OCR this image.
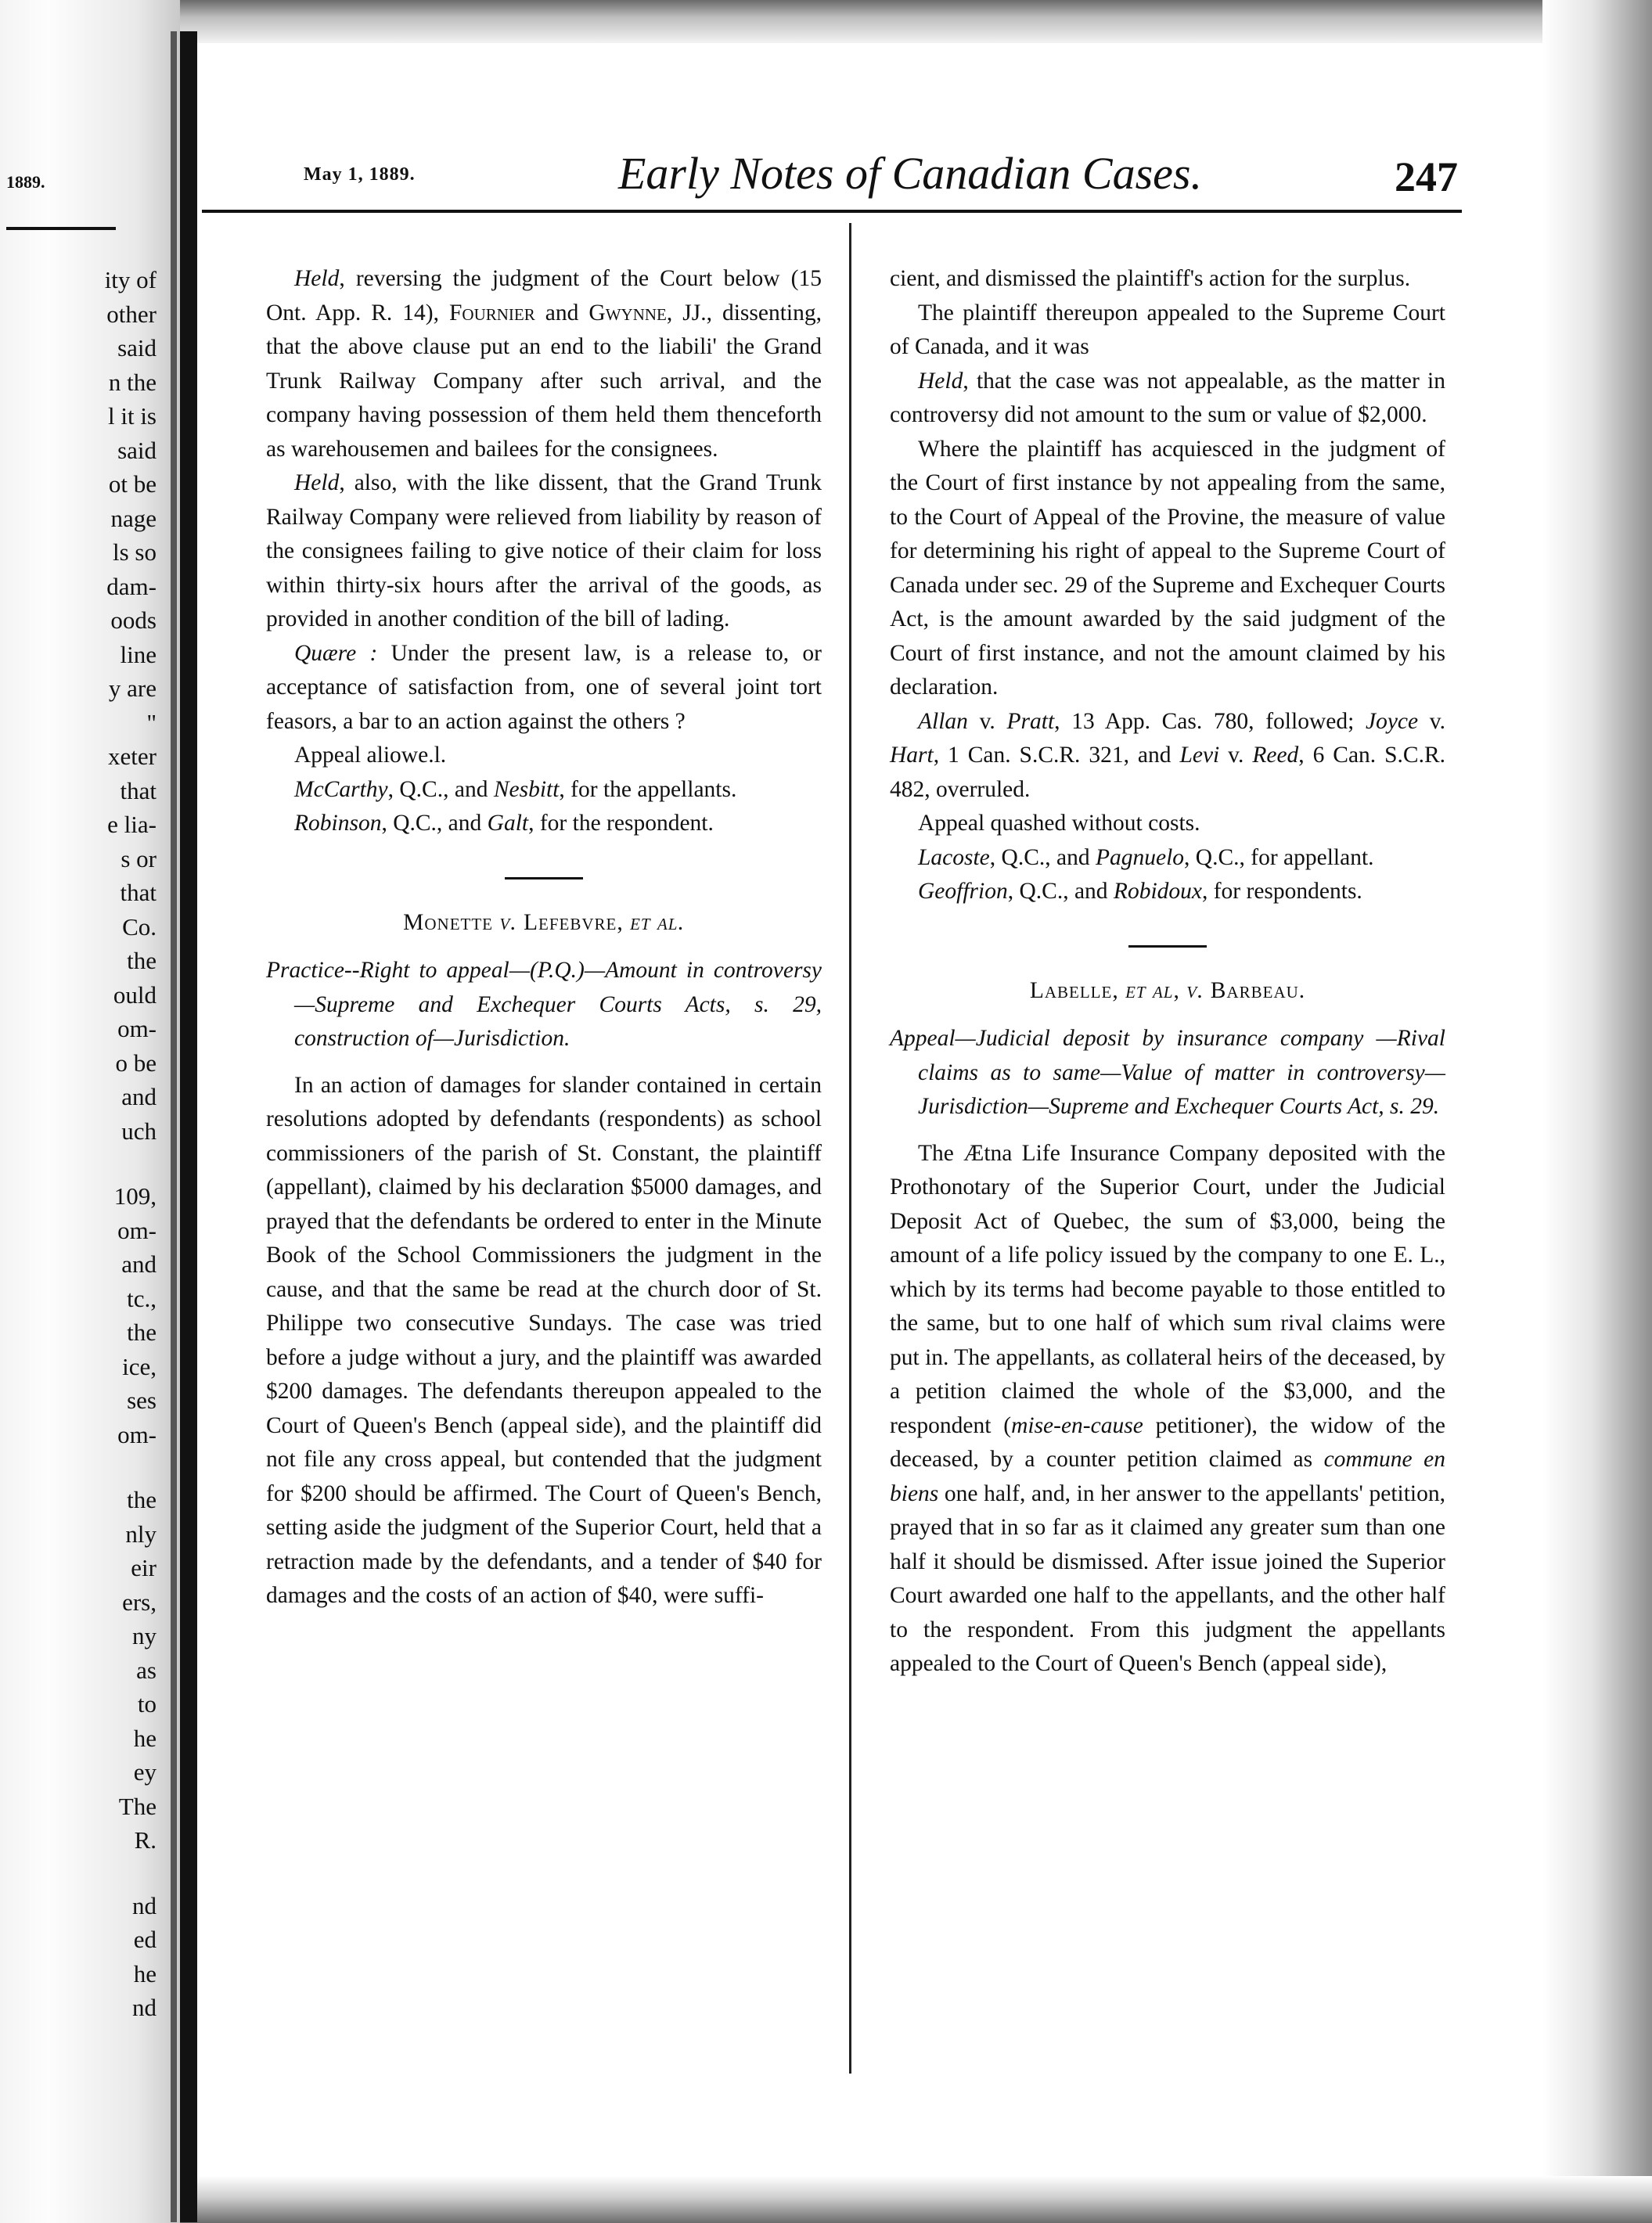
1889.
ity of
other
said
n the
l it is
said
ot be
nage
ls so
dam-
oods
line
y are
"
xeter
that
e lia-
s or
that
Co.
the
ould
om-
o be
and
uch
109,
om-
and
tc.,
the
ice,
ses
om-
the
nly
eir
ers,
ny
as
to
he
ey
The
R.
nd
ed
he
nd
May 1, 1889.	Early Notes of Canadian Cases.	247

Held, reversing the judgment of the Court below (15 Ont. App. R. 14), Fournier and Gwynne, JJ., dissenting, that the above clause put an end to the liabili' the Grand Trunk Railway Company after such arrival, and the company having possession of them held them thenceforth as warehousemen and bailees for the consignees.

Held, also, with the like dissent, that the Grand Trunk Railway Company were relieved from liability by reason of the consignees failing to give notice of their claim for loss within thirty-six hours after the arrival of the goods, as provided in another condition of the bill of lading.

Quære : Under the present law, is a release to, or acceptance of satisfaction from, one of several joint tort feasors, a bar to an action against the others ?

Appeal aliowe.l.

McCarthy, Q.C., and Nesbitt, for the appellants.

Robinson, Q.C., and Galt, for the respondent.

Monette v. Lefebvre, et al.

Practice--Right to appeal—(P.Q.)—Amount in controversy—Supreme and Exchequer Courts Acts, s. 29, construction of—Jurisdiction.

In an action of damages for slander contained in certain resolutions adopted by defendants (respondents) as sch⁠ool commissioners of the parish of St. Constant, the plaintiff (appellant), claimed by his declaration $5000 damages, and prayed that the defendants be ordered to enter in the Minute Book of the School Commissioners the judgment in the cause, and that the same be read at the church door of St. Philippe two consecutive Sundays. The case was tried before a judge without a jury, and the plaintiff was awarded $200 damages. The defendants thereupon appealed to the Court of Queen's Bench (appeal side), and the plaintiff did not file any cross appeal, but contended that the judgment for $200 should be affirmed. The Court of Queen's Bench, setting aside the judgment of the Superior Court, held that a retraction made by the defendants, and a tender of $40 for damages and the costs of an action of $40, were suffi-

cient, and dismissed the plaintiff's action for the surplus.

The plaintiff thereupon appealed to the Supreme Court of Canada, and it was

Held, that the case was not appealable, as the matter in controversy did not amount to the sum or value of $2,000.

Where the plaintiff has acquiesced in the judgment of the Court of first instance by not appealing from the same, to the Court of Appeal of the Provine, the measure of value for determining his right of appeal to the Supreme Court of Canada under sec. 29 of the Supreme and Exchequer Courts Act, is the amount awarded by the said judgment of the Court of first instance, and not the amount claimed by his declaration.

Allan v. Pratt, 13 App. Cas. 780, followed; Joyce v. Hart, 1 Can. S.C.R. 321, and Levi v. Reed, 6 Can. S.C.R. 482, overruled.

Appeal quashed without costs.

Lacoste, Q.C., and Pagnuelo, Q.C., for appellant.

Geoffrion, Q.C., and Robidoux, for respondents.

Labelle, et al, v. Barbeau.

Appeal—Judicial deposit by insurance company —Rival claims as to same—Value of matter in controversy—Jurisdiction—Supreme and Exchequer Courts Act, s. 29.

The Ætna Life Insurance Company deposited with the Prothonotary of the Superior Court, under the Judicial Deposit Act of Quebec, the sum of $3,000, being the amount of a life policy issued by the company to one E. L., which by its terms had become payable to those entitled to the same, but to one half of which sum rival claims were put in. The appellants, as collateral heirs of the deceased, by a petition claimed the whole of the $3,000, and the respondent (mise-en-cause petitioner), the widow of the deceased, by a counter petition claimed as commune en biens one half, and, in her answer to the appellants' petition, prayed that in so far as it claimed any greater sum than one half it should be dismissed. After issue joined the Superior Court awarded one half to the appellants, and the other half to the respondent. From this judgment the appellants appealed to the Court of Queen's Bench (appeal side),
